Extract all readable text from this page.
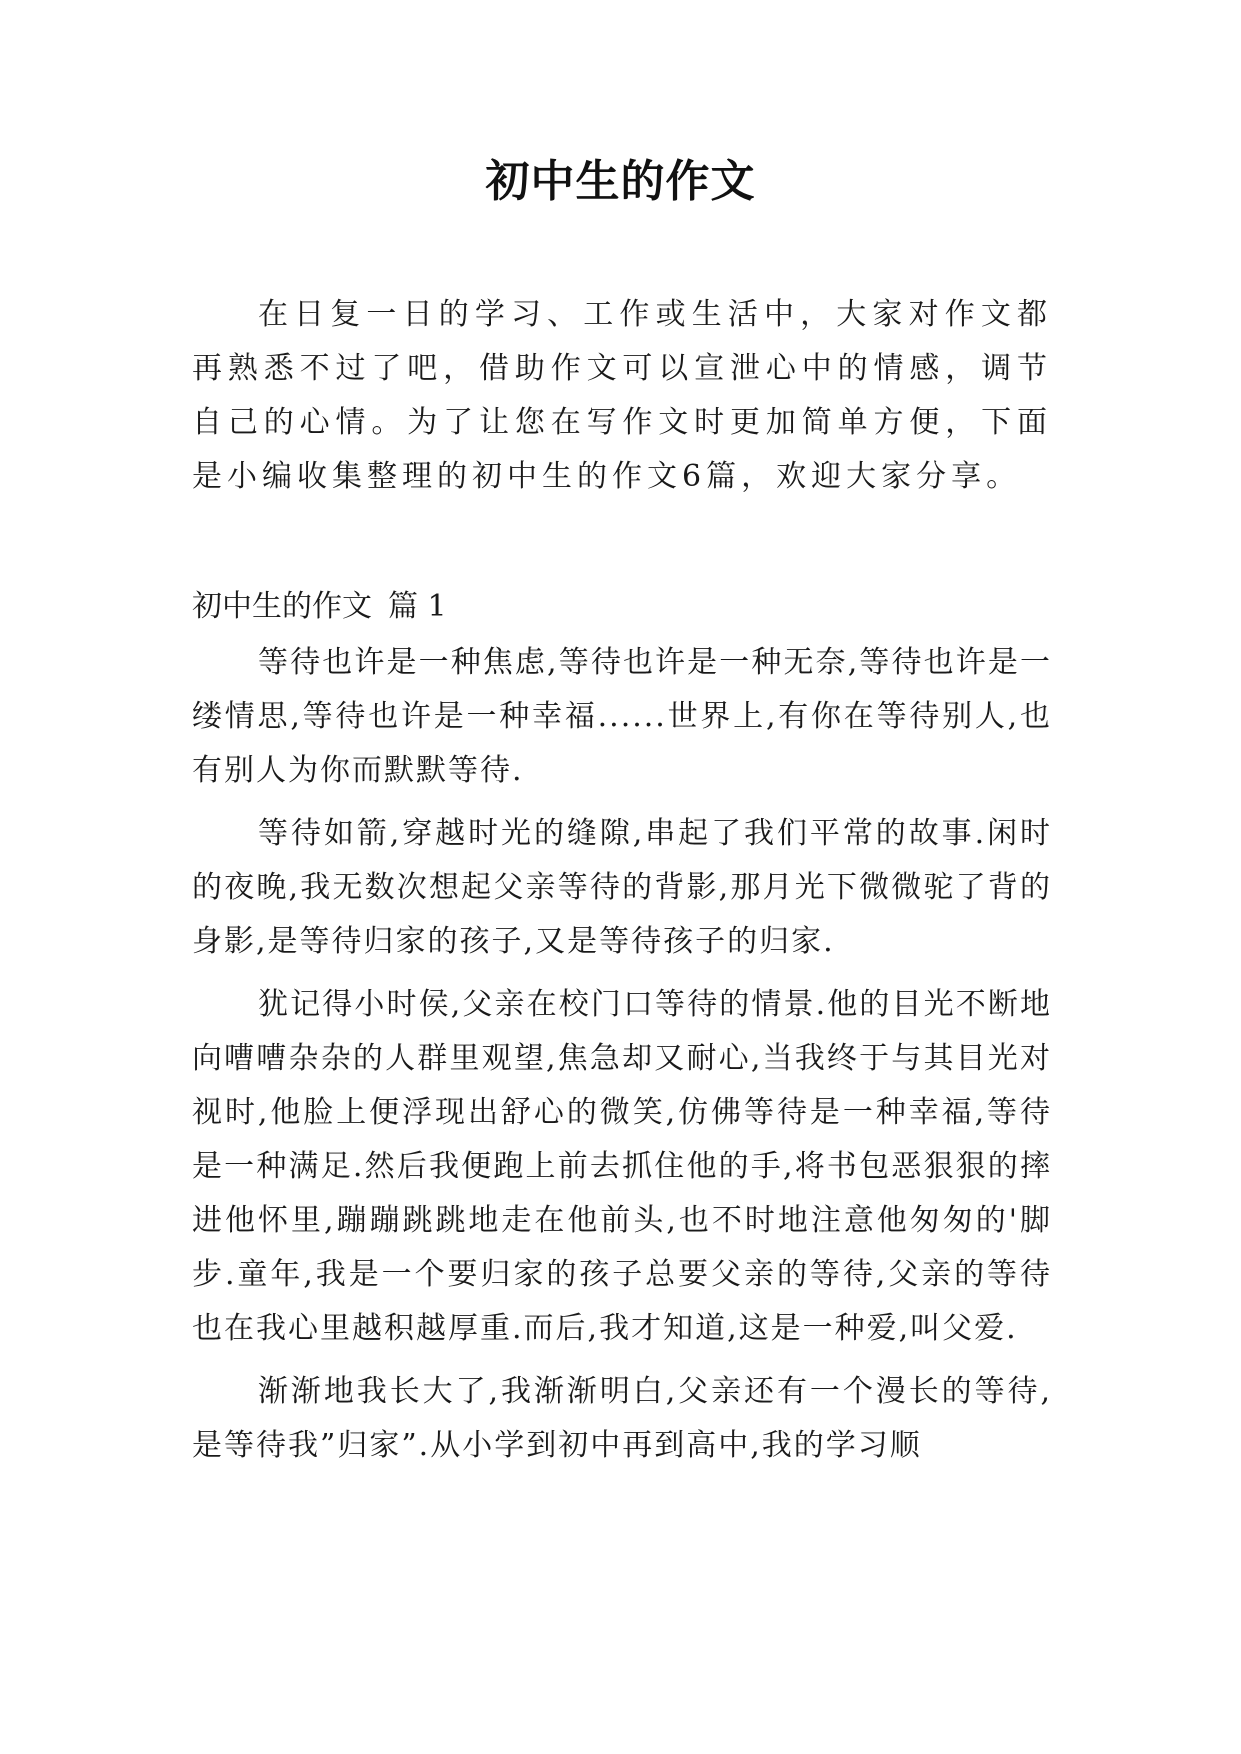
初中生的作文

在日复一日的学习、工作或生活中，大家对作文都再熟悉不过了吧，借助作文可以宣泄心中的情感，调节自己的心情。为了让您在写作文时更加简单方便，下面是小编收集整理的初中生的作文6篇，欢迎大家分享。

初中生的作文 篇 1

等待也许是一种焦虑,等待也许是一种无奈,等待也许是一缕情思,等待也许是一种幸福......世界上,有你在等待别人,也有别人为你而默默等待.

等待如箭,穿越时光的缝隙,串起了我们平常的故事.闲时的夜晚,我无数次想起父亲等待的背影,那月光下微微驼了背的身影,是等待归家的孩子,又是等待孩子的归家.

犹记得小时侯,父亲在校门口等待的情景.他的目光不断地向嘈嘈杂杂的人群里观望,焦急却又耐心,当我终于与其目光对视时,他脸上便浮现出舒心的微笑,仿佛等待是一种幸福,等待是一种满足.然后我便跑上前去抓住他的手,将书包恶狠狠的摔进他怀里,蹦蹦跳跳地走在他前头,也不时地注意他匆匆的'脚步.童年,我是一个要归家的孩子总要父亲的等待,父亲的等待也在我心里越积越厚重.而后,我才知道,这是一种爱,叫父爱.

渐渐地我长大了,我渐渐明白,父亲还有一个漫长的等待,是等待我”归家”.从小学到初中再到高中,我的学习顺
